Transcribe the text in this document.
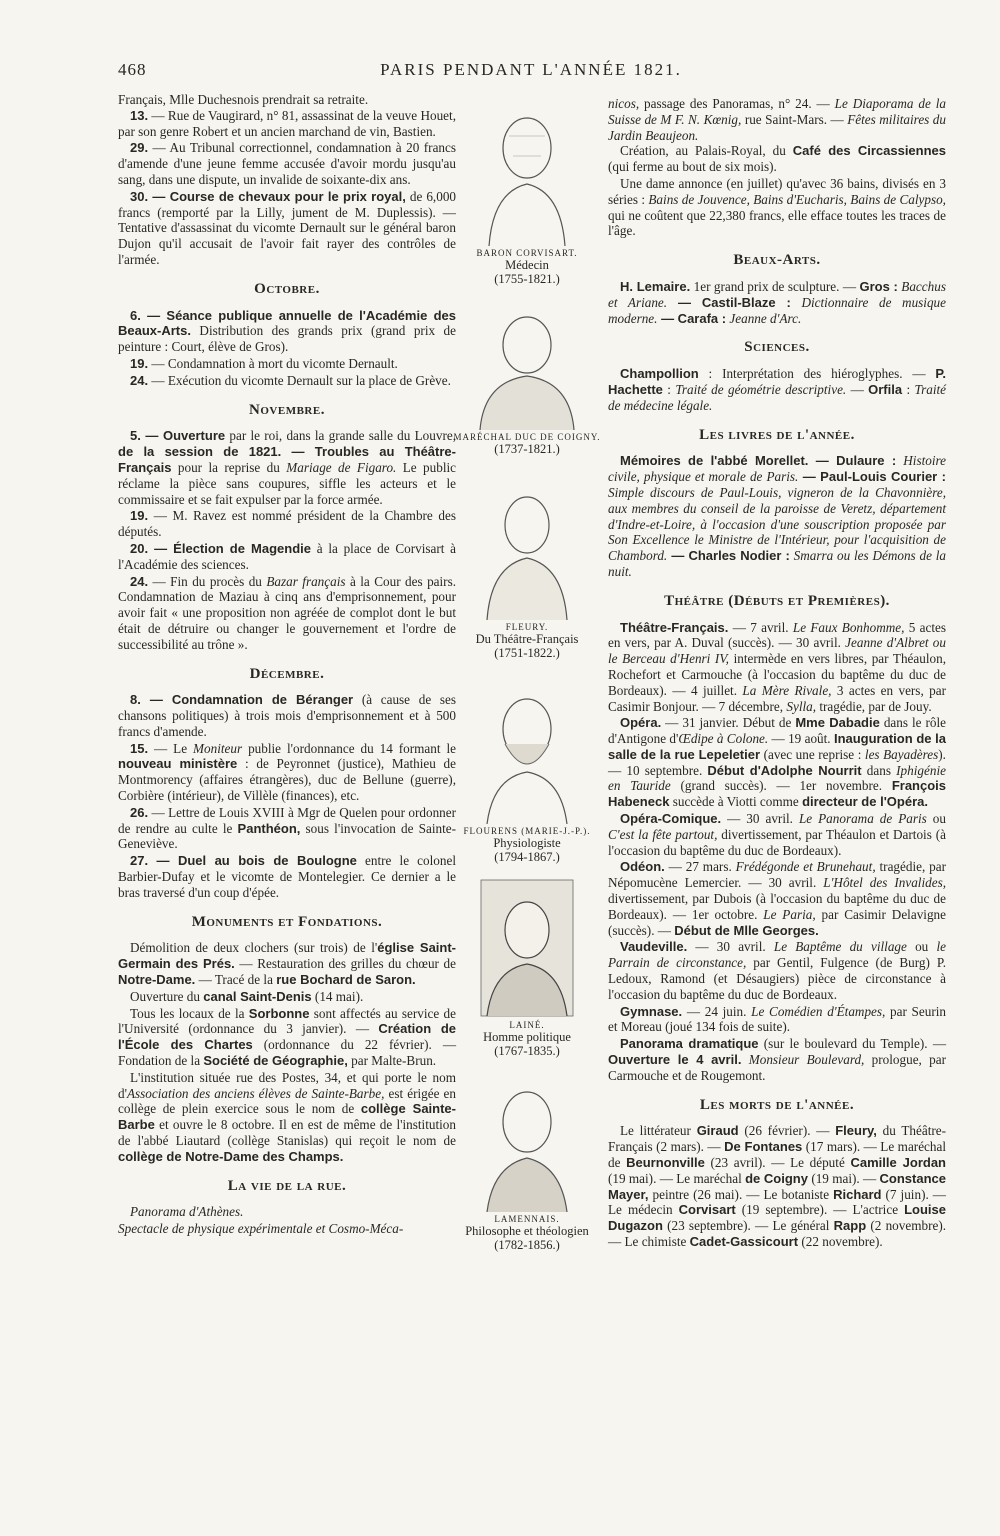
468	PARIS PENDANT L'ANNÉE 1821.

Français, Mlle Duchesnois prendrait sa retraite.

13. — Rue de Vaugirard, n° 81, assassinat de la veuve Houet, par son genre Robert et un ancien marchand de vin, Bastien.

29. — Au Tribunal correctionnel, condamnation à 20 francs d'amende d'une jeune femme accusée d'avoir mordu jusqu'au sang, dans une dispute, un invalide de soixante-dix ans.

30. — Course de chevaux pour le prix royal, de 6,000 francs (remporté par la Lilly, jument de M. Duplessis). — Tentative d'assassinat du vicomte Dernault sur le général baron Dujon qu'il accusait de l'avoir fait rayer des contrôles de l'armée.

Octobre.

6. — Séance publique annuelle de l'Académie des Beaux-Arts. Distribution des grands prix (grand prix de peinture : Court, élève de Gros).

19. — Condamnation à mort du vicomte Dernault.

24. — Exécution du vicomte Dernault sur la place de Grève.

Novembre.

5. — Ouverture par le roi, dans la grande salle du Louvre, de la session de 1821. — Troubles au Théâtre-Français pour la reprise du Mariage de Figaro. Le public réclame la pièce sans coupures, siffle les acteurs et le commissaire et se fait expulser par la force armée.

19. — M. Ravez est nommé président de la Chambre des députés.

20. — Élection de Magendie à la place de Corvisart à l'Académie des sciences.

24. — Fin du procès du Bazar français à la Cour des pairs. Condamnation de Maziau à cinq ans d'emprisonnement, pour avoir fait « une proposition non agréée de complot dont le but était de détruire ou changer le gouvernement et l'ordre de successibilité au trône ».

Décembre.

8. — Condamnation de Béranger (à cause de ses chansons politiques) à trois mois d'emprisonnement et à 500 francs d'amende.

15. — Le Moniteur publie l'ordonnance du 14 formant le nouveau ministère : de Peyronnet (justice), Mathieu de Montmorency (affaires étrangères), duc de Bellune (guerre), Corbière (intérieur), de Villèle (finances), etc.

26. — Lettre de Louis XVIII à Mgr de Quelen pour ordonner de rendre au culte le Panthéon, sous l'invocation de Sainte-Geneviève.

27. — Duel au bois de Boulogne entre le colonel Barbier-Dufay et le vicomte de Montelegier. Ce dernier a le bras traversé d'un coup d'épée.

Monuments et Fondations.

Démolition de deux clochers (sur trois) de l'église Saint-Germain des Prés. — Restauration des grilles du chœur de Notre-Dame. — Tracé de la rue Bochard de Saron.

Ouverture du canal Saint-Denis (14 mai).

Tous les locaux de la Sorbonne sont affectés au service de l'Université (ordonnance du 3 janvier). — Création de l'École des Chartes (ordonnance du 22 février). — Fondation de la Société de Géographie, par Malte-Brun.

L'institution située rue des Postes, 34, et qui porte le nom d'Association des anciens élèves de Sainte-Barbe, est érigée en collège de plein exercice sous le nom de collège Sainte-Barbe et ouvre le 8 octobre. Il en est de même de l'institution de l'abbé Liautard (collège Stanislas) qui reçoit le nom de collège de Notre-Dame des Champs.

La vie de la rue.

Panorama d'Athènes.

Spectacle de physique expérimentale et Cosmo-Méca-

BARON CORVISART.
Médecin
(1755-1821.)
MARÉCHAL DUC DE COIGNY.
(1737-1821.)
FLEURY.
Du Théâtre-Français
(1751-1822.)
FLOURENS (MARIE-J.-P.).
Physiologiste
(1794-1867.)
LAINÉ.
Homme politique
(1767-1835.)
LAMENNAIS.
Philosophe et théologien
(1782-1856.)

nicos, passage des Panoramas, n° 24. — Le Diaporama de la Suisse de M F. N. Kœnig, rue Saint-Mars. — Fêtes militaires du Jardin Beaujeon.

Création, au Palais-Royal, du Café des Circassiennes (qui ferme au bout de six mois).

Une dame annonce (en juillet) qu'avec 36 bains, divisés en 3 séries : Bains de Jouvence, Bains d'Eucharis, Bains de Calypso, qui ne coûtent que 22,380 francs, elle efface toutes les traces de l'âge.

Beaux-Arts.

H. Lemaire. 1er grand prix de sculpture. — Gros : Bacchus et Ariane. — Castil-Blaze : Dictionnaire de musique moderne. — Carafa : Jeanne d'Arc.

Sciences.

Champollion : Interprétation des hiéroglyphes. — P. Hachette : Traité de géométrie descriptive. — Orfila : Traité de médecine légale.

Les livres de l'année.

Mémoires de l'abbé Morellet. — Dulaure : Histoire civile, physique et morale de Paris. — Paul-Louis Courier : Simple discours de Paul-Louis, vigneron de la Chavonnière, aux membres du conseil de la paroisse de Veretz, département d'Indre-et-Loire, à l'occasion d'une souscription proposée par Son Excellence le Ministre de l'Intérieur, pour l'acquisition de Chambord. — Charles Nodier : Smarra ou les Démons de la nuit.

Théâtre (Débuts et Premières).

Théâtre-Français. — 7 avril. Le Faux Bonhomme, 5 actes en vers, par A. Duval (succès). — 30 avril. Jeanne d'Albret ou le Berceau d'Henri IV, intermède en vers libres, par Théaulon, Rochefort et Carmouche (à l'occasion du baptême du duc de Bordeaux). — 4 juillet. La Mère Rivale, 3 actes en vers, par Casimir Bonjour. — 7 décembre, Sylla, tragédie, par de Jouy.

Opéra. — 31 janvier. Début de Mme Dabadie dans le rôle d'Antigone d'Œdipe à Colone. — 19 août. Inauguration de la salle de la rue Lepeletier (avec une reprise : les Bayadères). — 10 septembre. Début d'Adolphe Nourrit dans Iphigénie en Tauride (grand succès). — 1er novembre. François Habeneck succède à Viotti comme directeur de l'Opéra.

Opéra-Comique. — 30 avril. Le Panorama de Paris ou C'est la fête partout, divertissement, par Théaulon et Dartois (à l'occasion du baptême du duc de Bordeaux).

Odéon. — 27 mars. Frédégonde et Brunehaut, tragédie, par Népomucène Lemercier. — 30 avril. L'Hôtel des Invalides, divertissement, par Dubois (à l'occasion du baptême du duc de Bordeaux). — 1er octobre. Le Paria, par Casimir Delavigne (succès). — Début de Mlle Georges.

Vaudeville. — 30 avril. Le Baptême du village ou le Parrain de circonstance, par Gentil, Fulgence (de Burg) P. Ledoux, Ramond (et Désaugiers) pièce de circonstance à l'occasion du baptême du duc de Bordeaux.

Gymnase. — 24 juin. Le Comédien d'Étampes, par Seurin et Moreau (joué 134 fois de suite).

Panorama dramatique (sur le boulevard du Temple). — Ouverture le 4 avril. Monsieur Boulevard, prologue, par Carmouche et de Rougemont.

Les morts de l'année.

Le littérateur Giraud (26 février). — Fleury, du Théâtre-Français (2 mars). — De Fontanes (17 mars). — Le maréchal de Beurnonville (23 avril). — Le député Camille Jordan (19 mai). — Le maréchal de Coigny (19 mai). — Constance Mayer, peintre (26 mai). — Le botaniste Richard (7 juin). — Le médecin Corvisart (19 septembre). — L'actrice Louise Dugazon (23 septembre). — Le général Rapp (2 novembre). — Le chimiste Cadet-Gassicourt (22 novembre).
